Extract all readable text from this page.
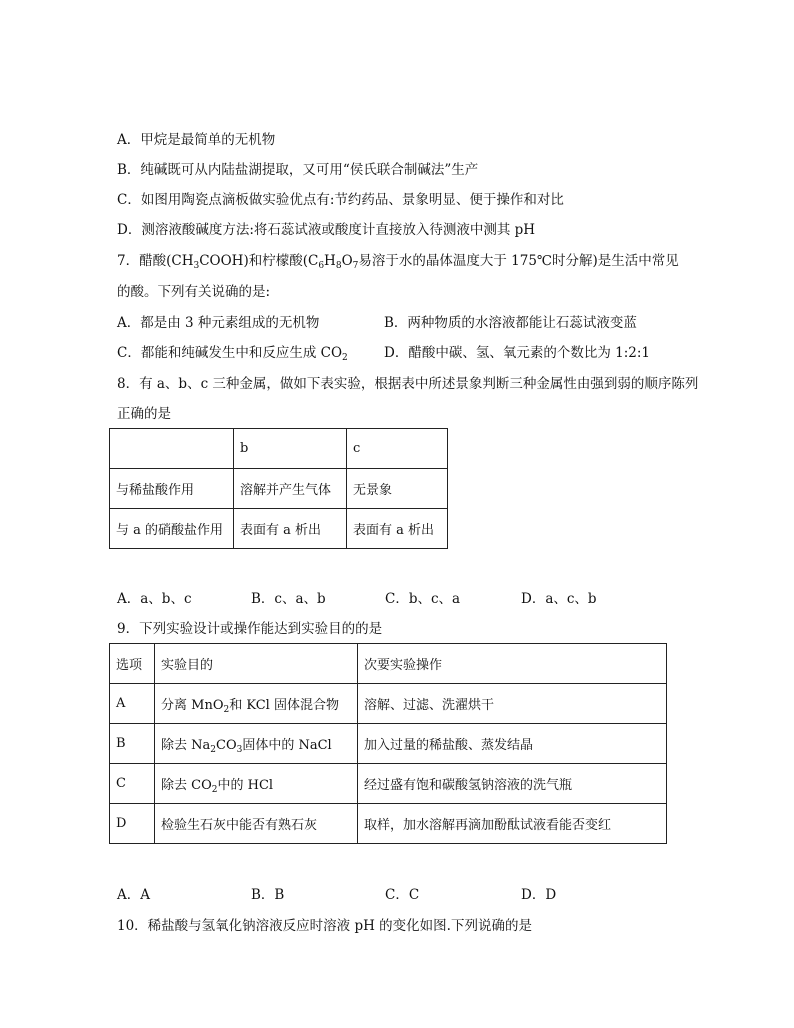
A．甲烷是最简单的无机物
B．纯碱既可从内陆盐湖提取，又可用“侯氏联合制碱法”生产
C．如图用陶瓷点滴板做实验优点有:节约药品、景象明显、便于操作和对比
D．测溶液酸碱度方法:将石蕊试液或酸度计直接放入待测液中测其 pH
7．醋酸$(CH_3COOH)$和柠檬酸($C_6H_8O_7$易溶于水的晶体温度大于 175℃时分解)是生活中常见
的酸。下列有关说确的是:
A．都是由 3 种元素组成的无机物	B．两种物质的水溶液都能让石蕊试液变蓝
C．都能和纯碱发生中和反应生成 $CO_2$	D．醋酸中碳、氢、氧元素的个数比为 1:2:1
8．有 a、b、c 三种金属，做如下表实验，根据表中所述景象判断三种金属性由强到弱的顺序陈列
正确的是
	b	c
与稀盐酸作用	溶解并产生气体	无景象
与 a 的硝酸盐作用	表面有 a 析出	表面有 a 析出
A．a、b、c	B．c、a、b	C．b、c、a	D．a、c、b
9．下列实验设计或操作能达到实验目的的是
选项	实验目的	次要实验操作
A	分离 MnO$_2$和 KCl 固体混合物	溶解、过滤、洗濯烘干
B	除去 $Na_2CO_3$固体中的 NaCl	加入过量的稀盐酸、蒸发结晶
C	除去 $CO_2$中的 HCl	经过盛有饱和碳酸氢钠溶液的洗气瓶
D	检验生石灰中能否有熟石灰	取样，加水溶解再滴加酚酞试液看能否变红
A．A	B．B	C．C	D．D
10．稀盐酸与氢氧化钠溶液反应时溶液 pH 的变化如图.下列说确的是
